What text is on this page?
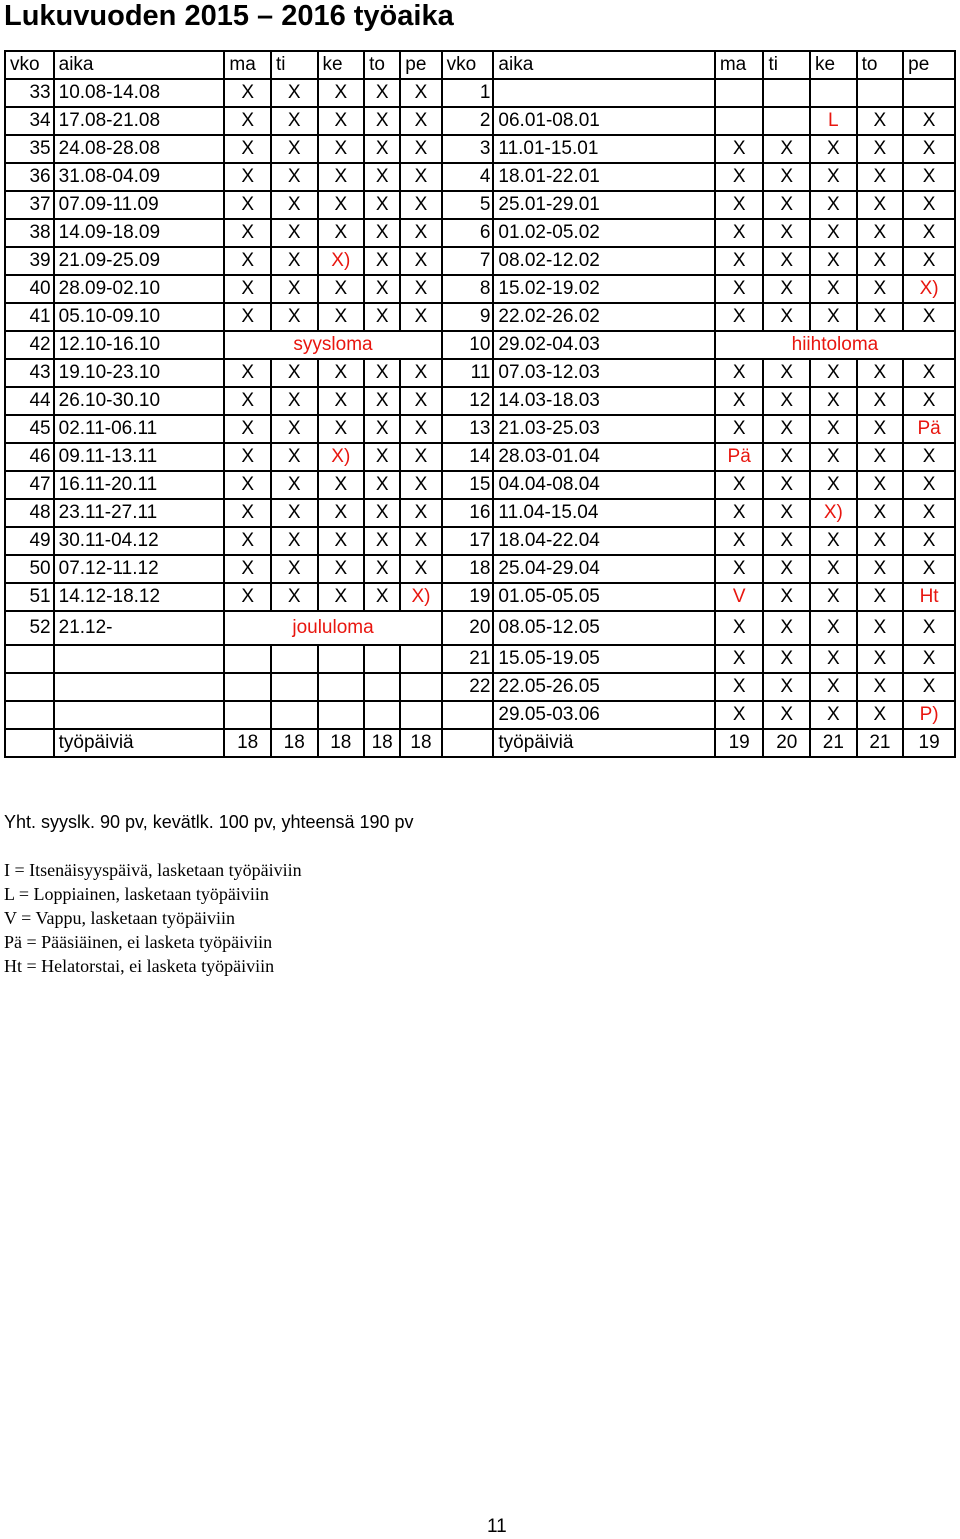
Lukuvuoden 2015 – 2016 työaika
vko	aika	ma	ti	ke	to	pe	vko	aika	ma	ti	ke	to	pe
33	10.08-14.08	X	X	X	X	X	1						
34	17.08-21.08	X	X	X	X	X	2	06.01-08.01			L	X	X
35	24.08-28.08	X	X	X	X	X	3	11.01-15.01	X	X	X	X	X
36	31.08-04.09	X	X	X	X	X	4	18.01-22.01	X	X	X	X	X
37	07.09-11.09	X	X	X	X	X	5	25.01-29.01	X	X	X	X	X
38	14.09-18.09	X	X	X	X	X	6	01.02-05.02	X	X	X	X	X
39	21.09-25.09	X	X	X)	X	X	7	08.02-12.02	X	X	X	X	X
40	28.09-02.10	X	X	X	X	X	8	15.02-19.02	X	X	X	X	X)
41	05.10-09.10	X	X	X	X	X	9	22.02-26.02	X	X	X	X	X
42	12.10-16.10	syysloma					10	29.02-04.03	hiihtoloma				
43	19.10-23.10	X	X	X	X	X	11	07.03-12.03	X	X	X	X	X
44	26.10-30.10	X	X	X	X	X	12	14.03-18.03	X	X	X	X	X
45	02.11-06.11	X	X	X	X	X	13	21.03-25.03	X	X	X	X	Pä
46	09.11-13.11	X	X	X)	X	X	14	28.03-01.04	Pä	X	X	X	X
47	16.11-20.11	X	X	X	X	X	15	04.04-08.04	X	X	X	X	X
48	23.11-27.11	X	X	X	X	X	16	11.04-15.04	X	X	X)	X	X
49	30.11-04.12	X	X	X	X	X	17	18.04-22.04	X	X	X	X	X
50	07.12-11.12	X	X	X	X	X	18	25.04-29.04	X	X	X	X	X
51	14.12-18.12	X	X	X	X	X)	19	01.05-05.05	V	X	X	X	Ht
52	21.12-	joululoma					20	08.05-12.05	X	X	X	X	X
							21	15.05-19.05	X	X	X	X	X
							22	22.05-26.05	X	X	X	X	X
								29.05-03.06	X	X	X	X	P)
	työpäiviä	18	18	18	18	18		työpäiviä	19	20	21	21	19

Yht. syyslk. 90 pv, kevätlk. 100 pv, yhteensä 190 pv

I = Itsenäisyyspäivä, lasketaan työpäiviin
L = Loppiainen, lasketaan työpäiviin
V = Vappu, lasketaan työpäiviin
Pä = Pääsiäinen, ei lasketa työpäiviin
Ht = Helatorstai, ei lasketa työpäiviin
11
